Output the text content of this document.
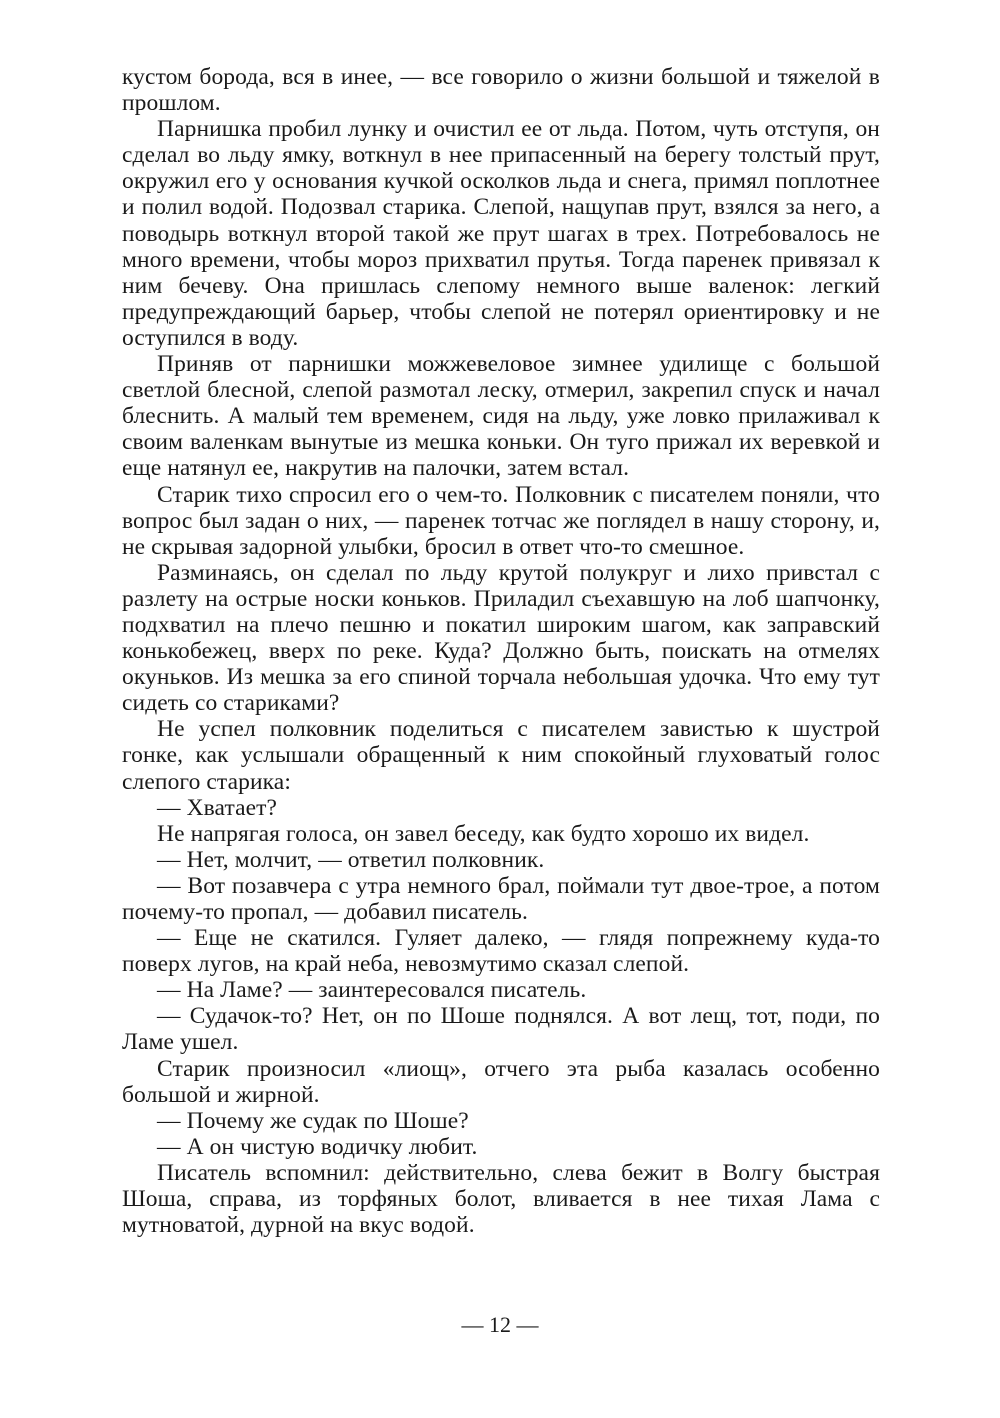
кустом борода, вся в инее, — все говорило о жизни большой и тяжелой в прошлом.

Парнишка пробил лунку и очистил ее от льда. Потом, чуть отступя, он сделал во льду ямку, воткнул в нее припасенный на берегу толстый прут, окружил его у основания кучкой осколков льда и снега, примял поплотнее и полил водой. Подозвал старика. Слепой, нащупав прут, взялся за него, а поводырь воткнул второй такой же прут шагах в трех. Потребовалось не много времени, чтобы мороз прихватил прутья. Тогда паренек привязал к ним бечеву. Она пришлась слепому немного выше валенок: легкий предупреждающий барьер, чтобы слепой не потерял ориентировку и не оступился в воду.

Приняв от парнишки можжевеловое зимнее удилище с большой светлой блесной, слепой размотал леску, отмерил, закрепил спуск и начал блеснить. А малый тем временем, сидя на льду, уже ловко прилаживал к своим валенкам вынутые из мешка коньки. Он туго прижал их веревкой и еще натянул ее, накрутив на палочки, затем встал.

Старик тихо спросил его о чем-то. Полковник с писателем поняли, что вопрос был задан о них, — паренек тотчас же поглядел в нашу сторону, и, не скрывая задорной улыбки, бросил в ответ что-то смешное.

Разминаясь, он сделал по льду крутой полукруг и лихо привстал с разлету на острые носки коньков. Приладил съехавшую на лоб шапчонку, подхватил на плечо пешню и покатил широким шагом, как заправский конькобежец, вверх по реке. Куда? Должно быть, поискать на отмелях окуньков. Из мешка за его спиной торчала небольшая удочка. Что ему тут сидеть со стариками?

Не успел полковник поделиться с писателем завистью к шустрой гонке, как услышали обращенный к ним спокойный глуховатый голос слепого старика:

— Хватает?

Не напрягая голоса, он завел беседу, как будто хорошо их видел.

— Нет, молчит, — ответил полковник.

— Вот позавчера с утра немного брал, поймали тут двое-трое, а потом почему-то пропал, — добавил писатель.

— Еще не скатился. Гуляет далеко, — глядя попрежнему куда-то поверх лугов, на край неба, невозмутимо сказал слепой.

— На Ламе? — заинтересовался писатель.

— Судачок-то? Нет, он по Шоше поднялся. А вот лещ, тот, поди, по Ламе ушел.

Старик произносил «лиощ», отчего эта рыба казалась особенно большой и жирной.

— Почему же судак по Шоше?

— А он чистую водичку любит.

Писатель вспомнил: действительно, слева бежит в Волгу быстрая Шоша, справа, из торфяных болот, вливается в нее тихая Лама с мутноватой, дурной на вкус водой.

— 12 —
